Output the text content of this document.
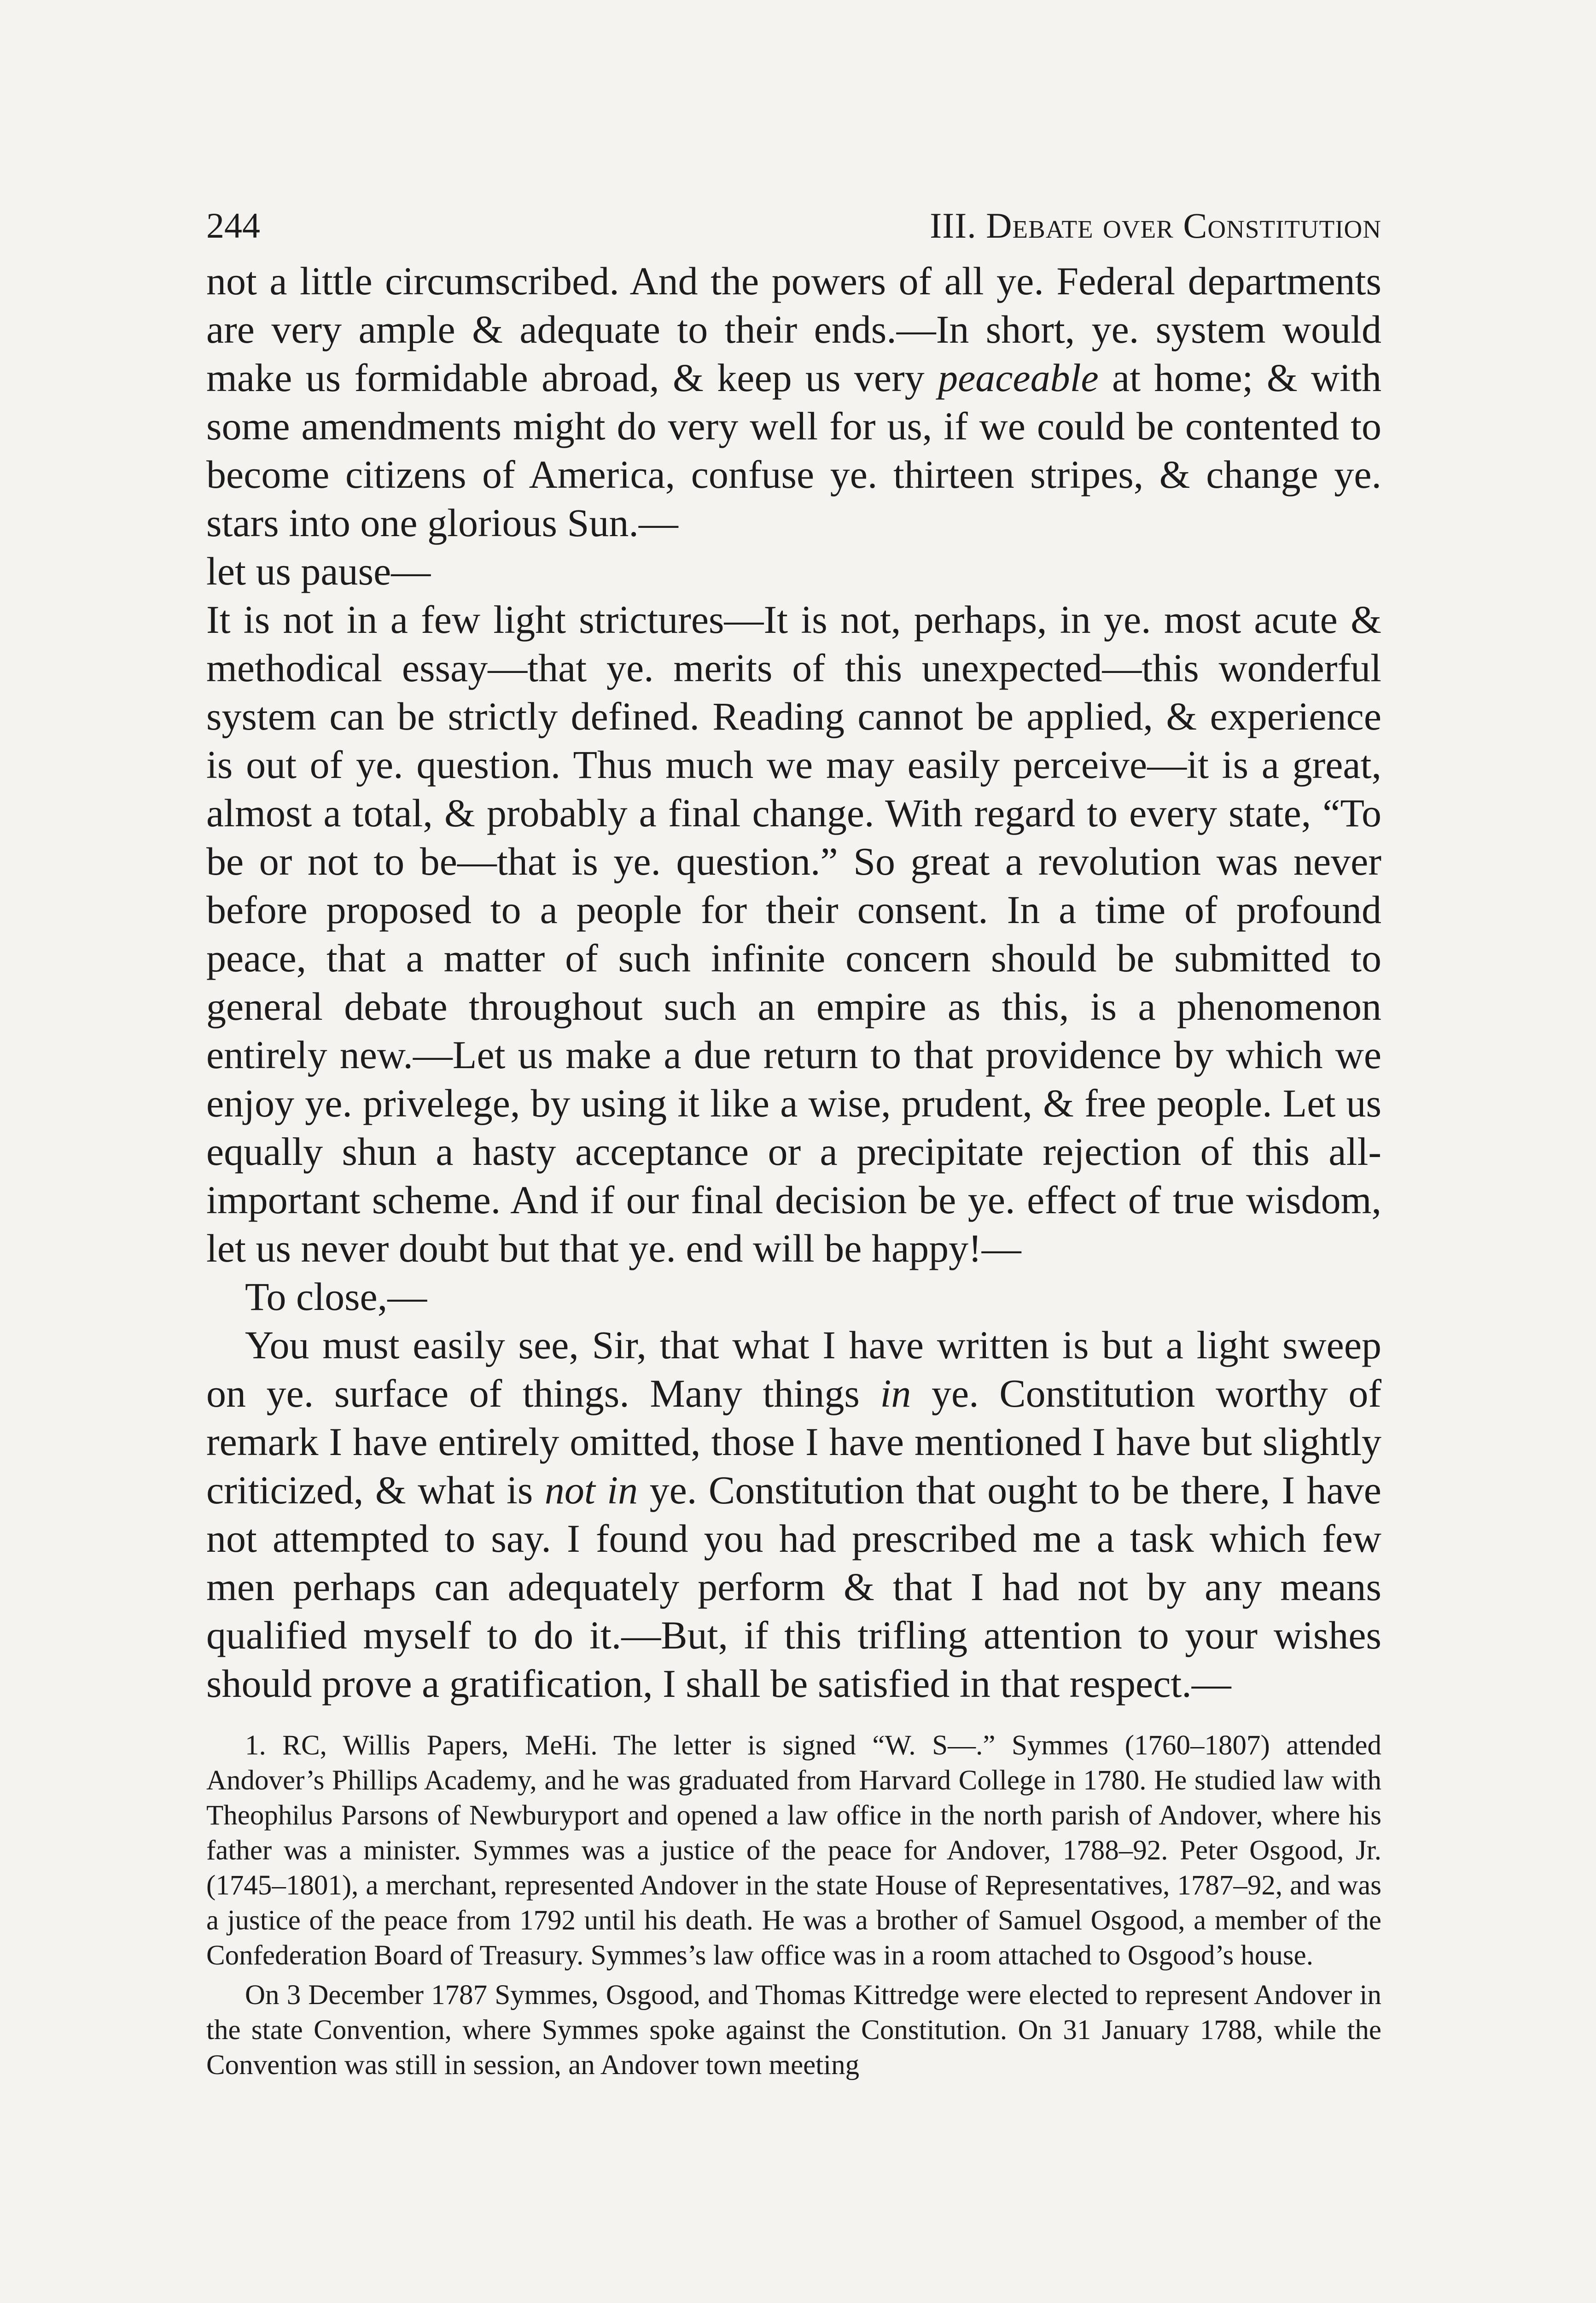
244	III. Debate over Constitution

not a little circumscribed. And the powers of all ye. Federal departments are very ample & adequate to their ends.—In short, ye. system would make us formidable abroad, & keep us very peaceable at home; & with some amendments might do very well for us, if we could be contented to become citizens of America, confuse ye. thirteen stripes, & change ye. stars into one glorious Sun.—

let us pause—

It is not in a few light strictures—It is not, perhaps, in ye. most acute & methodical essay—that ye. merits of this unexpected—this wonderful system can be strictly defined. Reading cannot be applied, & experience is out of ye. question. Thus much we may easily perceive—it is a great, almost a total, & probably a final change. With regard to every state, “To be or not to be—that is ye. question.” So great a revolution was never before proposed to a people for their consent. In a time of profound peace, that a matter of such infinite concern should be submitted to general debate throughout such an empire as this, is a phenomenon entirely new.—Let us make a due return to that providence by which we enjoy ye. privelege, by using it like a wise, prudent, & free people. Let us equally shun a hasty acceptance or a precipitate rejection of this all-important scheme. And if our final decision be ye. effect of true wisdom, let us never doubt but that ye. end will be happy!—

To close,—

You must easily see, Sir, that what I have written is but a light sweep on ye. surface of things. Many things in ye. Constitution worthy of remark I have entirely omitted, those I have mentioned I have but slightly criticized, & what is not in ye. Constitution that ought to be there, I have not attempted to say. I found you had prescribed me a task which few men perhaps can adequately perform & that I had not by any means qualified myself to do it.—But, if this trifling attention to your wishes should prove a gratification, I shall be satisfied in that respect.—

1. RC, Willis Papers, MeHi. The letter is signed “W. S—.” Symmes (1760–1807) attended Andover’s Phillips Academy, and he was graduated from Harvard College in 1780. He studied law with Theophilus Parsons of Newburyport and opened a law office in the north parish of Andover, where his father was a minister. Symmes was a justice of the peace for Andover, 1788–92. Peter Osgood, Jr. (1745–1801), a merchant, represented Andover in the state House of Representatives, 1787–92, and was a justice of the peace from 1792 until his death. He was a brother of Samuel Osgood, a member of the Confederation Board of Treasury. Symmes’s law office was in a room attached to Osgood’s house.

On 3 December 1787 Symmes, Osgood, and Thomas Kittredge were elected to represent Andover in the state Convention, where Symmes spoke against the Constitution. On 31 January 1788, while the Convention was still in session, an Andover town meeting
